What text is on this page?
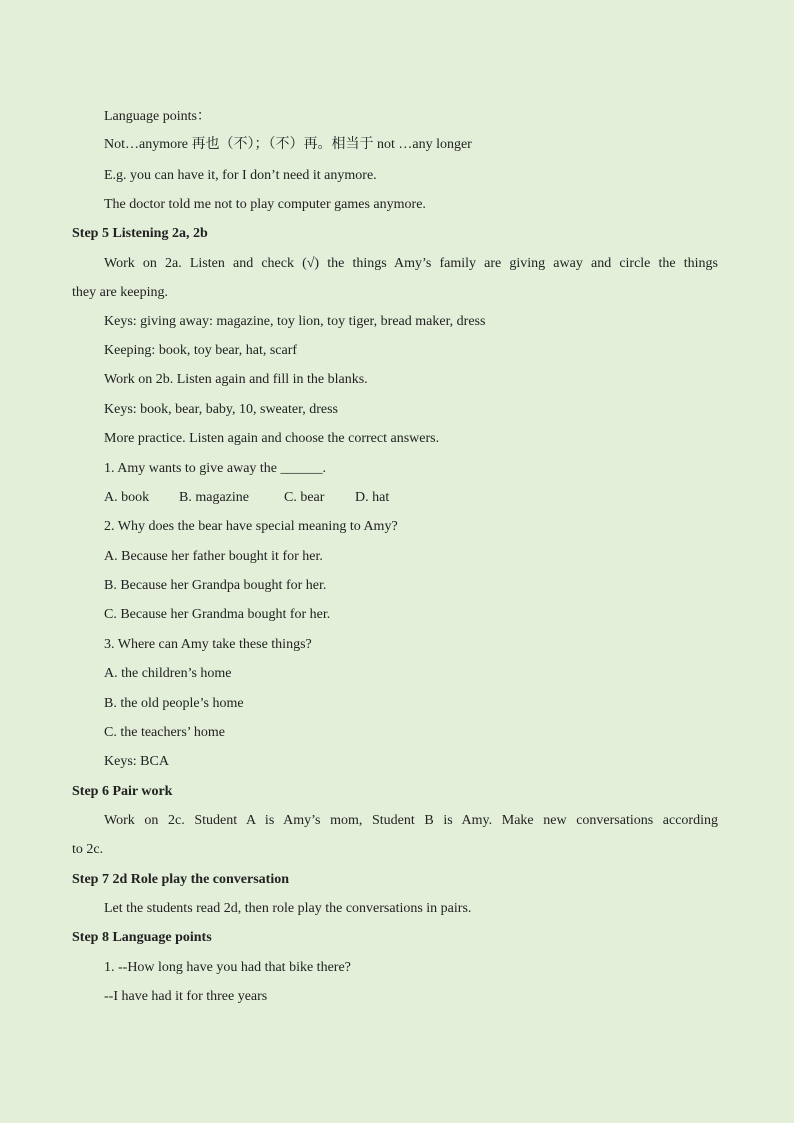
Language points：
Not…anymore 再也（不）；（不）再。相当于 not …any longer
E.g. you can have it, for I don’t need it anymore.
The doctor told me not to play computer games anymore.
Step 5 Listening 2a, 2b
Work on 2a. Listen and check (√) the things Amy’s family are giving away and circle the things
they are keeping.
Keys: giving away: magazine, toy lion, toy tiger, bread maker, dress
Keeping: book, toy bear, hat, scarf
Work on 2b. Listen again and fill in the blanks.
Keys: book, bear, baby, 10, sweater, dress
More practice. Listen again and choose the correct answers.
1. Amy wants to give away the ______.
A. book B. magazine	C. bear D. hat
2. Why does the bear have special meaning to Amy?
A. Because her father bought it for her.
B. Because her Grandpa bought for her.
C. Because her Grandma bought for her.
3. Where can Amy take these things?
A. the children’s home
B. the old people’s home
C. the teachers’ home
Keys: BCA
Step 6 Pair work
Work on 2c. Student A is Amy’s mom, Student B is Amy. Make new conversations according
to 2c.
Step 7 2d Role play the conversation
Let the students read 2d, then role play the conversations in pairs.
Step 8 Language points
1. --How long have you had that bike there?
--I have had it for three years
